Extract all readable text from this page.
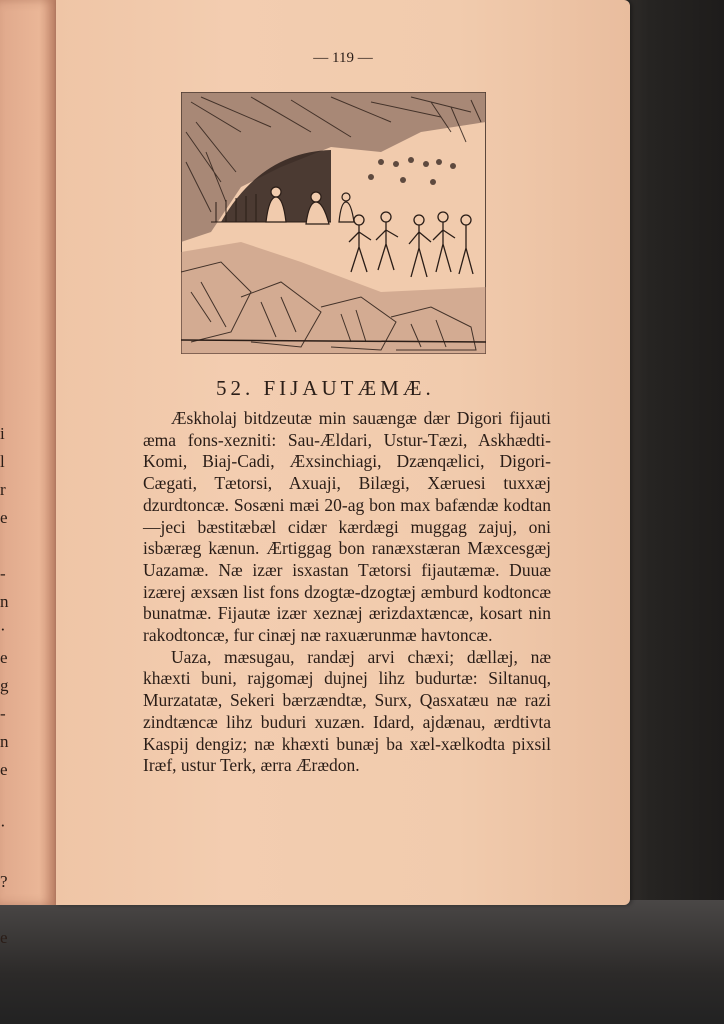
i
l
r
e
-
n
·
e
g
-
n
e
·
?
e
— 119 —
52. FIJAUTÆMÆ.

Æskholaj bitdzeutæ min sauængæ dær Digori fijauti æma fons-xezniti: Sau-Ældari, Ustur-Tæzi, Askhædti-Komi, Biaj-Cadi, Æxsinchiagi, Dzænqælici, Digori-Cægati, Tætorsi, Axuaji, Bilægi, Xæruesi tuxxæj dzurdtoncæ. Sosæni mæi 20-ag bon max bafændæ kodtan—jeci bæstitæbæl cidær kærdægi muggag zajuj, oni isbæræg kænun. Ærtiggag bon ranæxstæran Mæxcesgæj Uazamæ. Næ izær isxastan Tætorsi fijautæmæ. Duuæ izærej æxsæn list fons dzogtæ-dzogtæj æmburd kodtoncæ bunatmæ. Fijautæ izær xeznæj ærizdaxtæncæ, kosart nin rakodtoncæ, fur cinæj næ raxuærunmæ havtoncæ.

Uaza, mæsugau, randæj arvi chæxi; dællæj, næ khæxti buni, rajgomæj dujnej lihz budurtæ: Siltanuq, Murzatatæ, Sekeri bærzændtæ, Surx, Qasxatæu næ razi zindtæncæ lihz buduri xuzæn. Idard, ajdænau, ærdtivta Kaspij dengiz; næ khæxti bunæj ba xæl-xælkodta pixsil Iræf, ustur Terk, ærra Ærædon.
